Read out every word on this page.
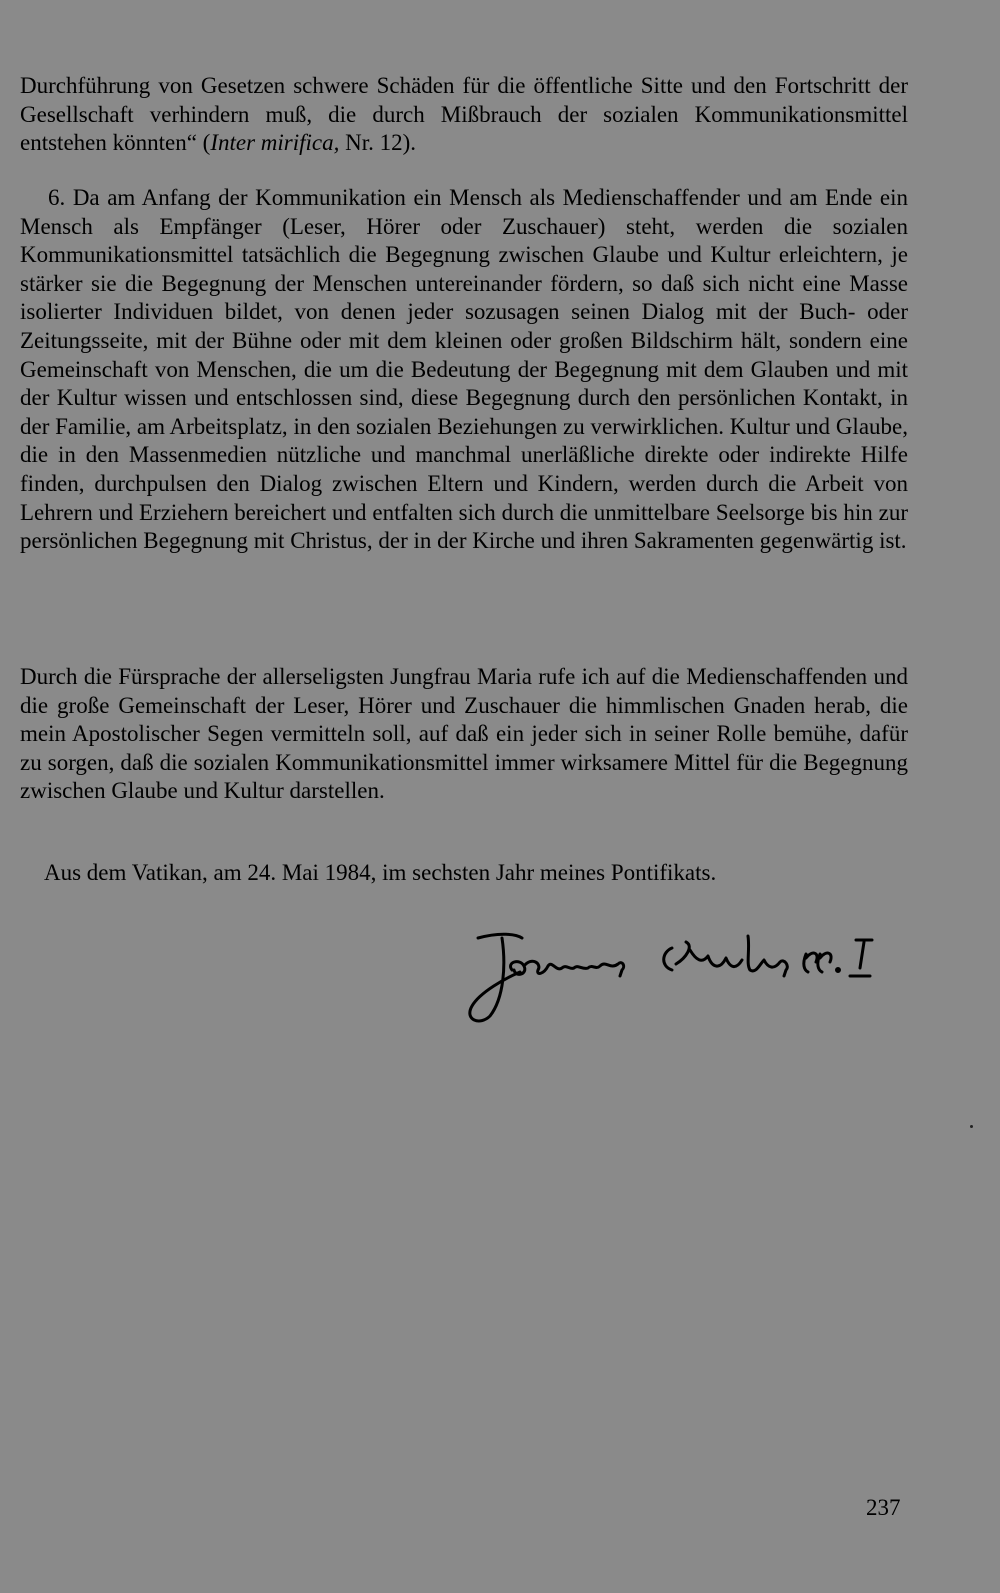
Durchführung von Gesetzen schwere Schäden für die öffentliche Sitte und den Fortschritt der Gesellschaft verhindern muß, die durch Mißbrauch der sozialen Kommunikationsmittel entstehen könnten“ (Inter mirifica, Nr. 12).

6. Da am Anfang der Kommunikation ein Mensch als Medienschaffender und am Ende ein Mensch als Empfänger (Leser, Hörer oder Zuschauer) steht, werden die sozialen Kommunikationsmittel tatsächlich die Begegnung zwischen Glaube und Kultur erleichtern, je stärker sie die Begegnung der Menschen untereinander fördern, so daß sich nicht eine Masse isolierter Individuen bildet, von denen jeder sozusagen seinen Dialog mit der Buch- oder Zeitungsseite, mit der Bühne oder mit dem kleinen oder großen Bildschirm hält, sondern eine Gemeinschaft von Menschen, die um die Bedeutung der Begegnung mit dem Glauben und mit der Kultur wissen und entschlossen sind, diese Begegnung durch den persönlichen Kontakt, in der Familie, am Arbeitsplatz, in den sozialen Beziehungen zu verwirklichen. Kultur und Glaube, die in den Massenmedien nützliche und manchmal unerläßliche direkte oder indirekte Hilfe finden, durchpulsen den Dialog zwischen Eltern und Kindern, werden durch die Arbeit von Lehrern und Erziehern bereichert und entfalten sich durch die unmittelbare Seelsorge bis hin zur persönlichen Begegnung mit Christus, der in der Kirche und ihren Sakramenten gegenwärtig ist.

Durch die Fürsprache der allerseligsten Jungfrau Maria rufe ich auf die Medienschaffenden und die große Gemeinschaft der Leser, Hörer und Zuschauer die himmlischen Gnaden herab, die mein Apostolischer Segen vermitteln soll, auf daß ein jeder sich in seiner Rolle bemühe, dafür zu sorgen, daß die sozialen Kommunikationsmittel immer wirksamere Mittel für die Begegnung zwischen Glaube und Kultur darstellen.

Aus dem Vatikan, am 24. Mai 1984, im sechsten Jahr meines Pontifikats.

237
